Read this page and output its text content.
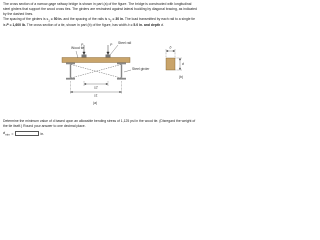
The cross section of a narrow-gage railway bridge is shown in part (a) of the figure. The bridge is constructed with longitudinal steel girders that support the wood cross ties. The girders are restrained against lateral buckling by diagonal bracing, as indicated by the dashed lines.
The spacing of the girders is $s_1 = 50$ in. and the spacing of the rails is $s_2 = 30$ in. The load transmitted by each rail to a single tie is P = 1,600 lb. The cross section of a tie, shown in part (b) of the figure, has width b = 5.0 in. and depth d.

P	P
Wood tie
Steel rail
Steel girder
s2
s1
(a)
d
b
(b)

Determine the minimum value of d based upon an allowable bending stress of 1,125 psi in the wood tie. (Disregard the weight of the tie itself.) Round your answer to one decimal place.

$d_{min}$ =	in.
